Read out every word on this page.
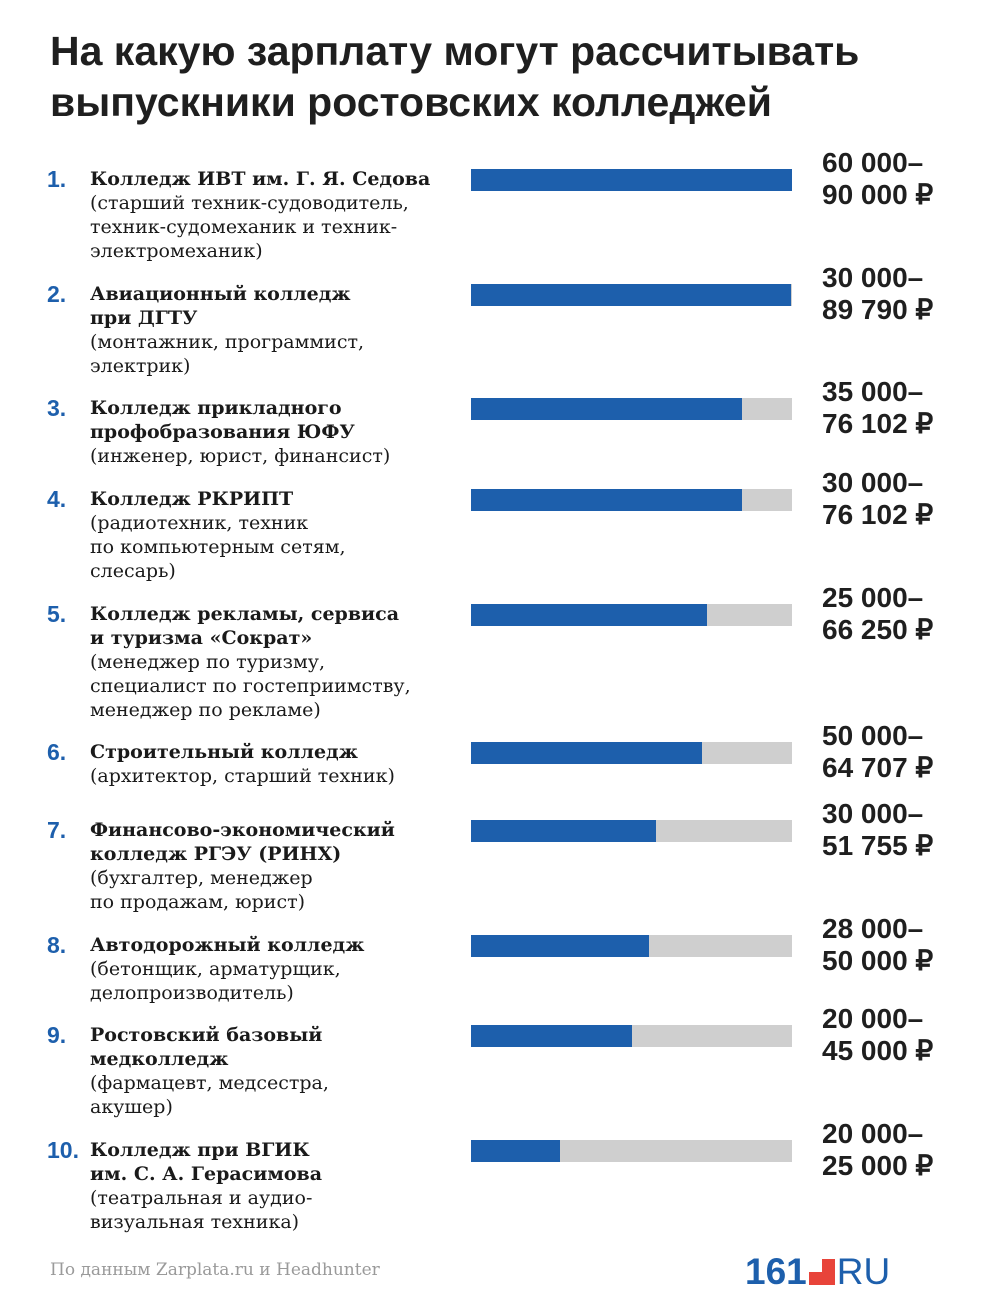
На какую зарплату могут рассчитывать
выпускники ростовских колледжей
1. Колледж ИВТ им. Г. Я. Седова
(старший техник-судоводитель,
техник-судомеханик и техник-
электромеханик)
60 000–
90 000 ₽
2. Авиационный колледж
при ДГТУ
(монтажник, программист,
электрик)
30 000–
89 790 ₽
3. Колледж прикладного
профобразования ЮФУ
(инженер, юрист, финансист)
35 000–
76 102 ₽
4. Колледж РКРИПТ
(радиотехник, техник
по компьютерным сетям,
слесарь)
30 000–
76 102 ₽
5. Колледж рекламы, сервиса
и туризма «Сократ»
(менеджер по туризму,
специалист по гостеприимству,
менеджер по рекламе)
25 000–
66 250 ₽
6. Строительный колледж
(архитектор, старший техник)
50 000–
64 707 ₽
7. Финансово-экономический
колледж РГЭУ (РИНХ)
(бухгалтер, менеджер
по продажам, юрист)
30 000–
51 755 ₽
8. Автодорожный колледж
(бетонщик, арматурщик,
делопроизводитель)
28 000–
50 000 ₽
9. Ростовский базовый
медколледж
(фармацевт, медсестра,
акушер)
20 000–
45 000 ₽
10. Колледж при ВГИК
им. С. А. Герасимова
(театральная и аудио-
визуальная техника)
20 000–
25 000 ₽
По данным Zarplata.ru и Headhunter	161 RU
